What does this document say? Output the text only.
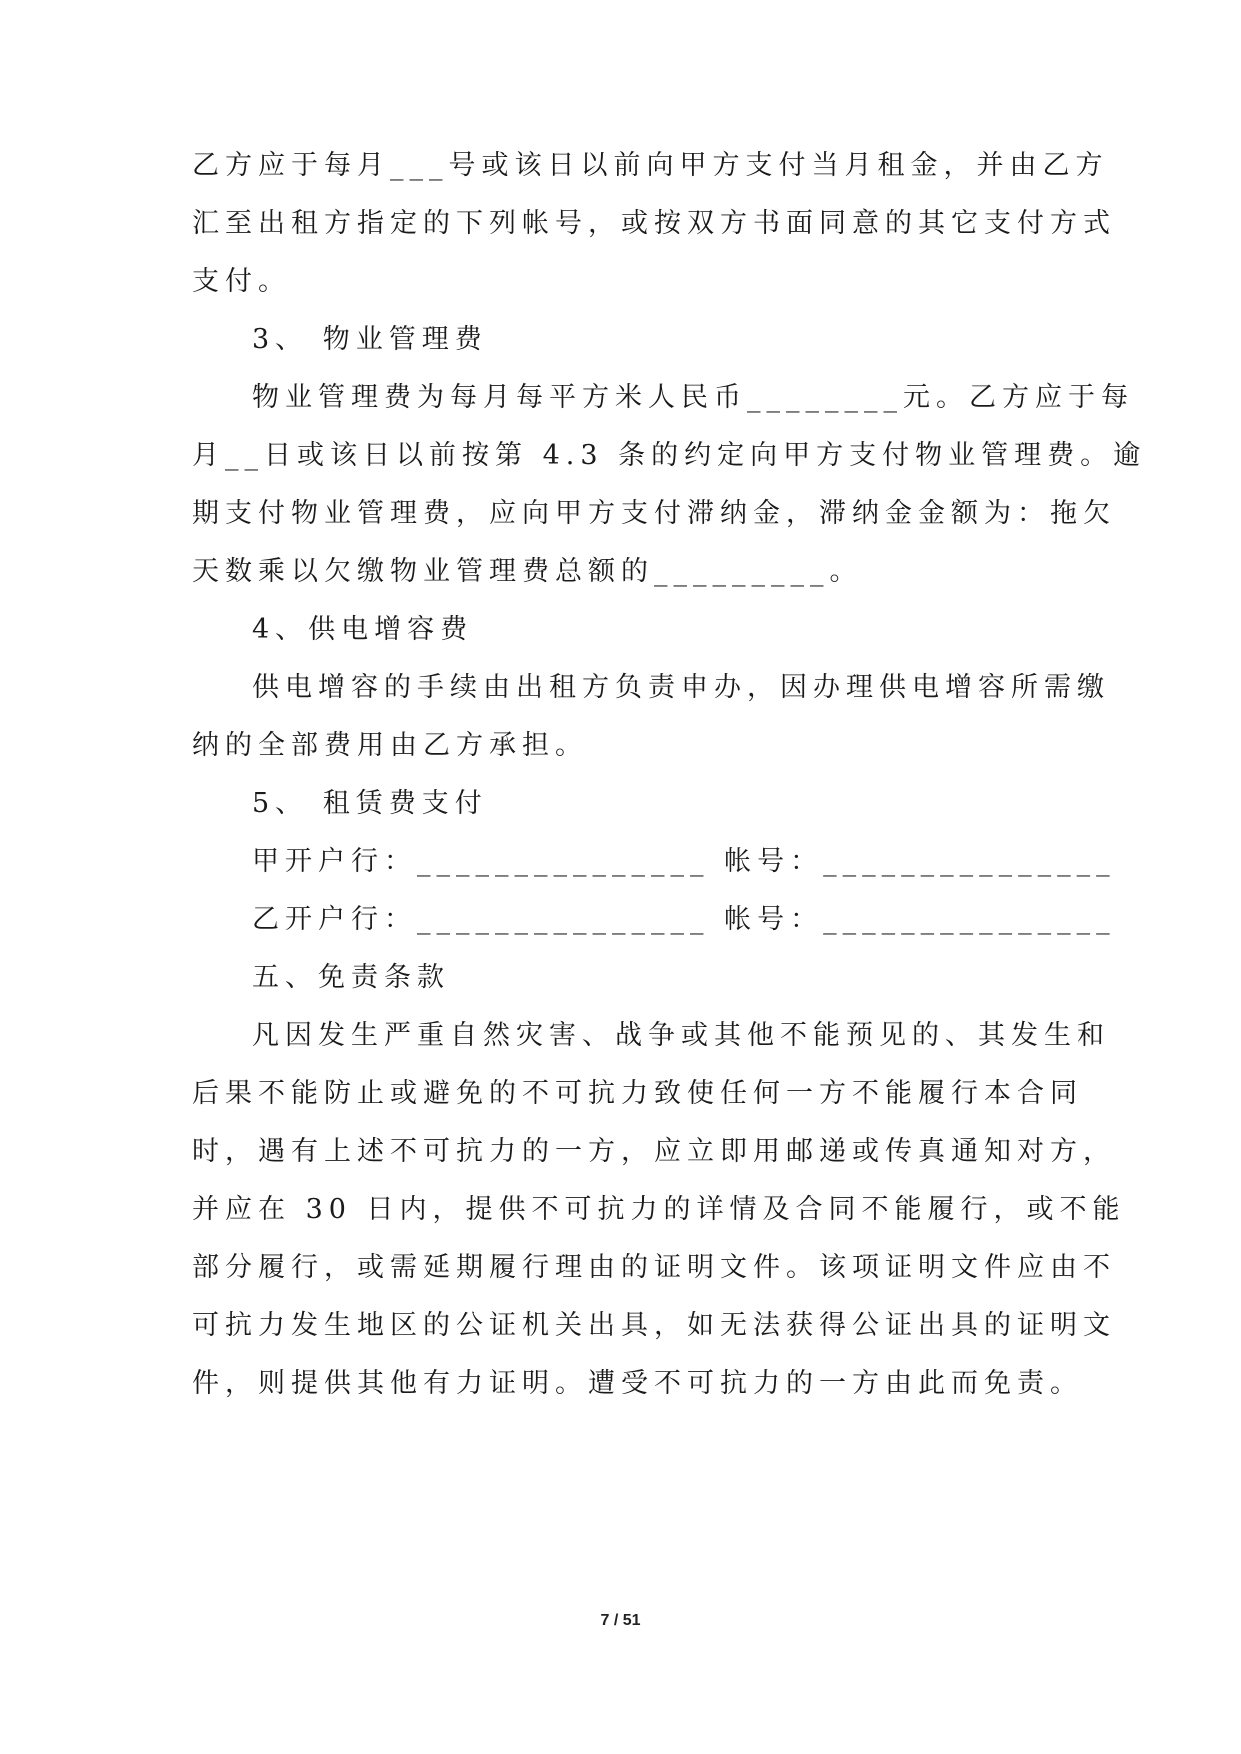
乙方应于每月___号或该日以前向甲方支付当月租金，并由乙方
汇至出租方指定的下列帐号，或按双方书面同意的其它支付方式
支付。
3、 物业管理费
物业管理费为每月每平方米人民币________元。乙方应于每
月__日或该日以前按第 4.3 条的约定向甲方支付物业管理费。逾
期支付物业管理费，应向甲方支付滞纳金，滞纳金金额为：拖欠
天数乘以欠缴物业管理费总额的_________。
4、供电增容费
供电增容的手续由出租方负责申办，因办理供电增容所需缴
纳的全部费用由乙方承担。
5、 租赁费支付
甲开户行：_______________ 帐号：_______________
乙开户行：_______________ 帐号：_______________
五、免责条款
凡因发生严重自然灾害、战争或其他不能预见的、其发生和
后果不能防止或避免的不可抗力致使任何一方不能履行本合同
时，遇有上述不可抗力的一方，应立即用邮递或传真通知对方，
并应在 30 日内，提供不可抗力的详情及合同不能履行，或不能
部分履行，或需延期履行理由的证明文件。该项证明文件应由不
可抗力发生地区的公证机关出具，如无法获得公证出具的证明文
件，则提供其他有力证明。遭受不可抗力的一方由此而免责。
7 / 51
